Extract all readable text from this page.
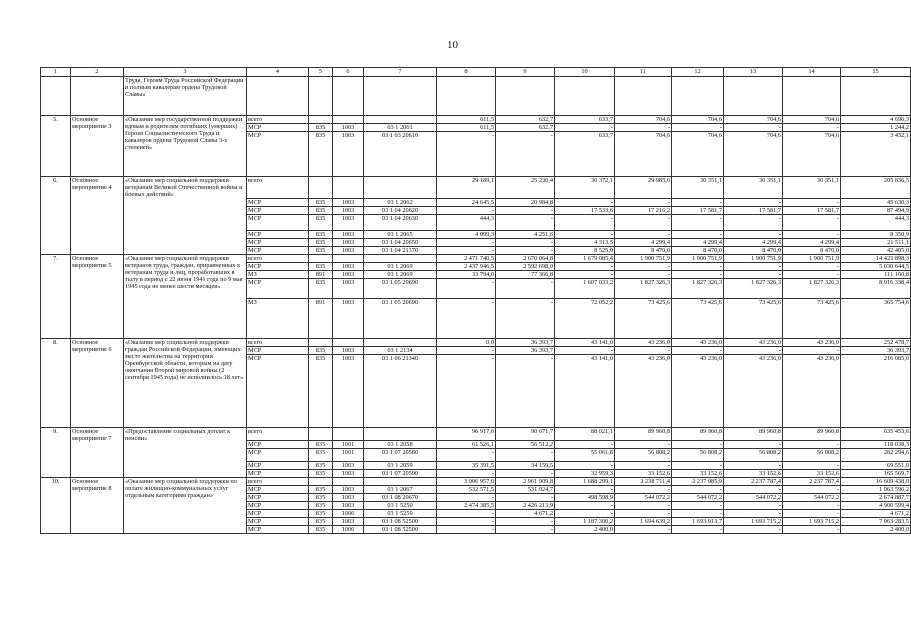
10
1	2	3	4	5	6	7	8	9	10	11	12	13	14	15
		Труда, Героям Труда Российской Федерации и полным кавалерам ордена Трудовой Славы»												
5.	Основное мероприятие 3	«Оказание мер государственной поддержки вдовам и родителям погибших (умерших) Героев Социалистического Труда и кавалеров ордена Трудовой Славы 3-х степеней»	всего				611,5	632,7	633,7	704,6	704,6	704,6	704,6	4 696,3
			МСР	835	1003	03 1 2061	611,5	632,7	-	-	-	-	-	1 244,2
			МСР	835	1003	03 1 03 20610	-	-	633,7	704,6	704,6	704,6	704,6	3 452,1
6.	Основное мероприятие 4	«Оказание мер социальной поддержки ветеранам Великой Отечественной войны и боевых действий»	всего				29 189,1	25 236,4	30 372,1	29 985,6	30 351,1	30 351,1	30 351,1	205 836,5
			МСР	835	1003	03 1 2062	24 645,5	20 984,8	-	-	-	-	-	45 630,3
			МСР	835	1003	03 1 04 20620	-	-	17 533,6	17 216,2	17 581,7	17 581,7	17 581,7	87 494,9
			МСР	835	1003	03 1 04 20630	444,3	-	-	-	-	-	-	444,3
			МСР	835	1003	03 1 2065	4 099,3	4 251,6	-	-	-	-	-	8 350,9
			МСР	835	1003	03 1 04 20650	-	-	4 313,5	4 299,4	4 299,4	4 299,4	4 299,4	21 511,1
			МСР	835	1003	03 1 04 21370	-	-	8 525,0	8 470,0	8 470,0	8 470,0	8 470,0	42 405,0
7.	Основное мероприятие 5	«Оказание мер социальной поддержки ветеранов труда, граждан, приравненных к ветеранам труда и лиц, проработавших в тылу в период с 22 июня 1941 года по 9 мая 1945 года не менее шести месяцев»	всего				2 471 740,5	2 670 064,8	1 679 085,4	1 900 751,9	1 900 751,9	1 900 751,9	1 900 751,9	14 423 898,3
			МСР	835	1003	03 1 2069	2 437 946,5	2 592 698,0	-	-	-	-	-	5 030 644,5
			МЗ	891	1003	03 1 2069	33 794,0	77 366,8	-	-	-	-	-	111 160,8
			МСР	835	1003	03 1 05 20690	-	-	1 607 033,2	1 827 326,3	1 827 326,3	1 827 326,3	1 827 326,3	8 916 338,4
			МЗ	891	1003	03 1 05 20690	-	-	72 052,2	73 425,6	73 425,6	73 425,6	73 425,6	365 754,6
8.	Основное мероприятие 6	«Оказание мер социальной поддержки граждан Российской Федерации, имеющих место жительства на территории Оренбургской области, которым на дату окончания Второй мировой войны (2 сентября 1945 года) не исполнилось 18 лет»	всего				0,0	36 393,7	43 141,0	43 236,0	43 236,0	43 236,0	43 236,0	252 478,7
			МСР	835	1003	03 1 2134	-	36 393,7	-	-	-	-	-	36 393,7
			МСР	835	1003	03 1 06 21340	-	-	43 141,0	43 236,0	43 236,0	43 236,0	43 236,0	216 085,0
9.	Основное мероприятие 7	«Предоставление социальных доплат к пенсии»	всего				96 917,6	90 671,7	88 021,1	89 960,8	89 960,8	89 960,8	89 960,8	635 453,6
			МСР	835	1001	03 1 2058	61 526,1	56 512,2	-	-	-	-	-	118 038,3
			МСР	835	1001	03 1 07 20580	-	-	55 061,8	56 808,2	56 808,2	56 808,2	56 808,2	282 294,6
			МСР	835	1003	03 1 2059	35 391,5	34 159,5	-	-	-	-	-	69 551,0
			МСР	835	1003	03 1 07 20590	-	-	32 959,3	33 152,6	33 152,6	33 152,6	33 152,6	165 569,7
10.	Основное мероприятие 8	«Оказание мер социальной поддержки по оплате жилищно-коммунальных услуг отдельным категориям граждан»	всего				3 006 957,0	2 961 909,8	1 688 299,1	2 238 711,4	2 237 985,9	2 237 787,4	2 237 787,4	16 609 438,0
			МСР	835	1003	03 1 2067	532 571,5	531 024,7	-	-	-	-	-	1 063 596,2
			МСР	835	1003	03 1 08 20670	-	-	498 598,9	544 072,2	544 072,2	544 072,2	544 072,2	2 674 887,7
			МСР	835	1003	03 1 5250	2 474 385,5	2 426 213,9	-	-	-	-	-	4 900 599,4
			МСР	835	1006	03 1 5250	-	4 671,2	-	-	-	-	-	4 671,2
			МСР	835	1003	03 1 08 52500	-	-	1 187 300,2	1 694 639,2	1 693 913,7	1 693 715,2	1 693 715,2	7 963 283,5
			МСР	835	1006	03 1 08 52500	-	-	2 400,0	-	-	-	-	2 400,0
